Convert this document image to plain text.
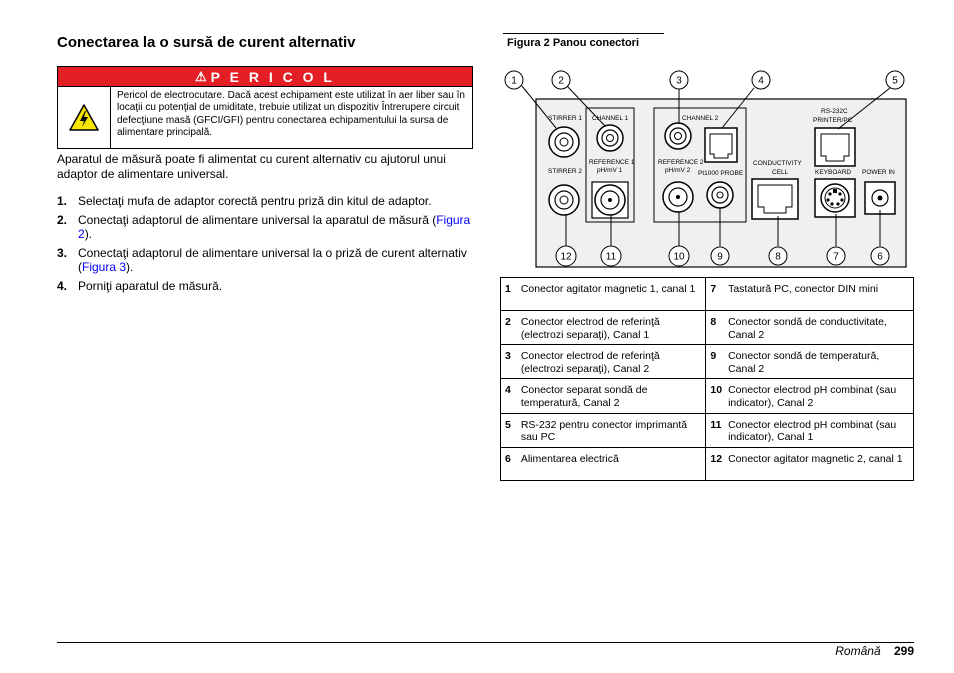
Conectarea la o sursă de curent alternativ
⚠ P E R I C O L
Pericol de electrocutare. Dacă acest echipament este utilizat în aer liber sau în locaţii cu potenţial de umiditate, trebuie utilizat un dispozitiv Întrerupere circuit defecţiune masă (GFCI/GFI) pentru conectarea echipamentului la sursa de alimentare principală.

Aparatul de măsură poate fi alimentat cu curent alternativ cu ajutorul unui adaptor de alimentare universal.

1. Selectaţi mufa de adaptor corectă pentru priză din kitul de adaptor.
2. Conectaţi adaptorul de alimentare universal la aparatul de măsură (Figura 2).
3. Conectaţi adaptorul de alimentare universal la o priză de curent alternativ (Figura 3).
4. Porniţi aparatul de măsură.
Figura 2 Panou conectori
STIRRER 1
STIRRER 2
CHANNEL 1
REFERENCE 1
pH/mV 1
CHANNEL 2
REFERENCE 2
pH/mV 2 Pt1000 PROBE
CONDUCTIVITY
CELL
RS-232C
PRINTER/PC
KEYBOARD POWER IN
1	2	3	4	5
6
7
8
9
10
11
12
1	Conector agitator magnetic 1, canal 1	7	Tastatură PC, conector DIN mini
2	Conector electrod de referinţă (electrozi separaţi), Canal 1	8	Conector sondă de conductivitate, Canal 2
3	Conector electrod de referinţă (electrozi separaţi), Canal 2	9	Conector sondă de temperatură, Canal 2
4	Conector separat sondă de temperatură, Canal 2	10	Conector electrod pH combinat (sau indicator), Canal 2
5	RS-232 pentru conector imprimantă sau PC	11	Conector electrod pH combinat (sau indicator), Canal 1
6	Alimentarea electrică	12	Conector agitator magnetic 2, canal 1
Română 299
